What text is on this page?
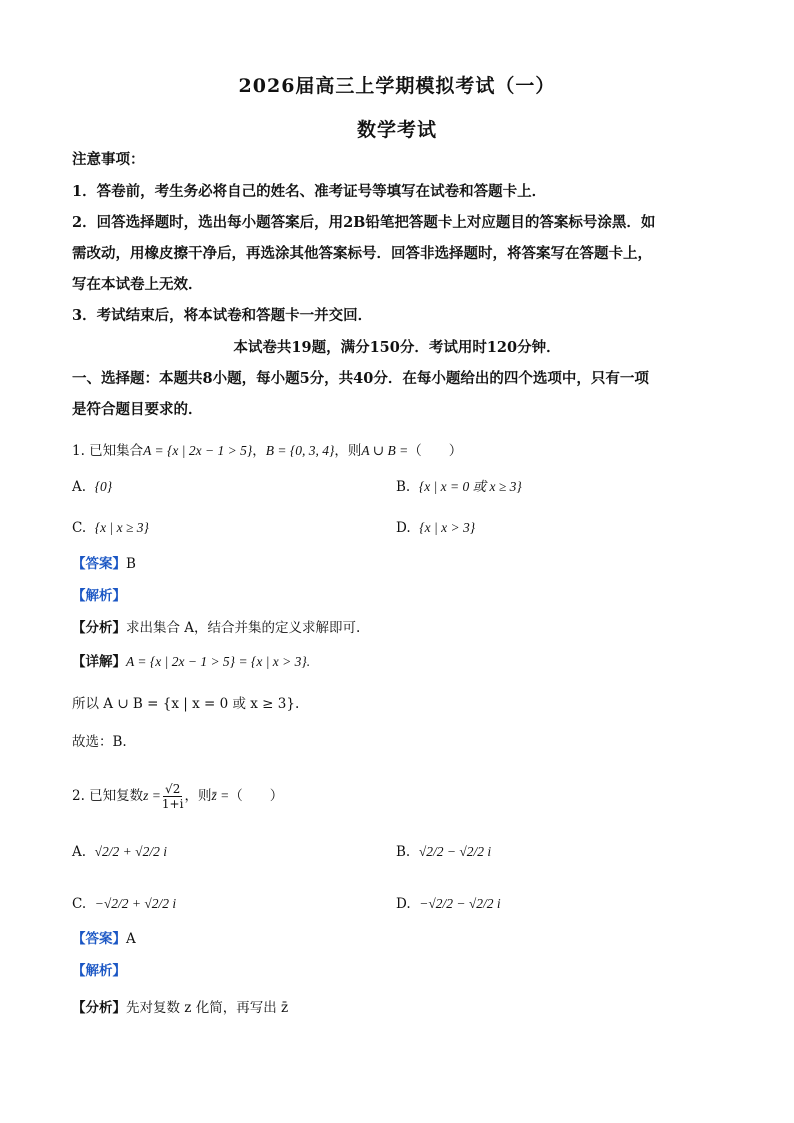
2026届高三上学期模拟考试（一）
数学考试
注意事项：
1．答卷前，考生务必将自己的姓名、准考证号等填写在试卷和答题卡上．
2．回答选择题时，选出每小题答案后，用2B铅笔把答题卡上对应题目的答案标号涂黑．如
需改动，用橡皮擦干净后，再选涂其他答案标号．回答非选择题时，将答案写在答题卡上，
写在本试卷上无效．
3．考试结束后，将本试卷和答题卡一并交回．
本试卷共19题，满分150分．考试用时120分钟．
一、选择题：本题共8小题，每小题5分，共40分．在每小题给出的四个选项中，只有一项
是符合题目要求的．
1. 已知集合A = {x | 2x − 1 > 5}，B = {0, 3, 4}，则A ∪ B =（　　）
A. {0}	B. {x | x = 0 或 x ≥ 3}
C. {x | x ≥ 3}	D. {x | x > 3}
【答案】B
【解析】
【分析】求出集合 A，结合并集的定义求解即可.
【详解】A = {x | 2x − 1 > 5} = {x | x > 3}.
所以 A ∪ B = {x | x = 0 或 x ≥ 3}.
故选：B.
2. 已知复数 $z = \frac{√2}{1+i}$ ，则 z̄ = （　　）
A. √2/2 + √2/2 i	B. √2/2 − √2/2 i
C. −√2/2 + √2/2 i	D. −√2/2 − √2/2 i
【答案】A
【解析】
【分析】先对复数 z 化简，再写出 z̄
